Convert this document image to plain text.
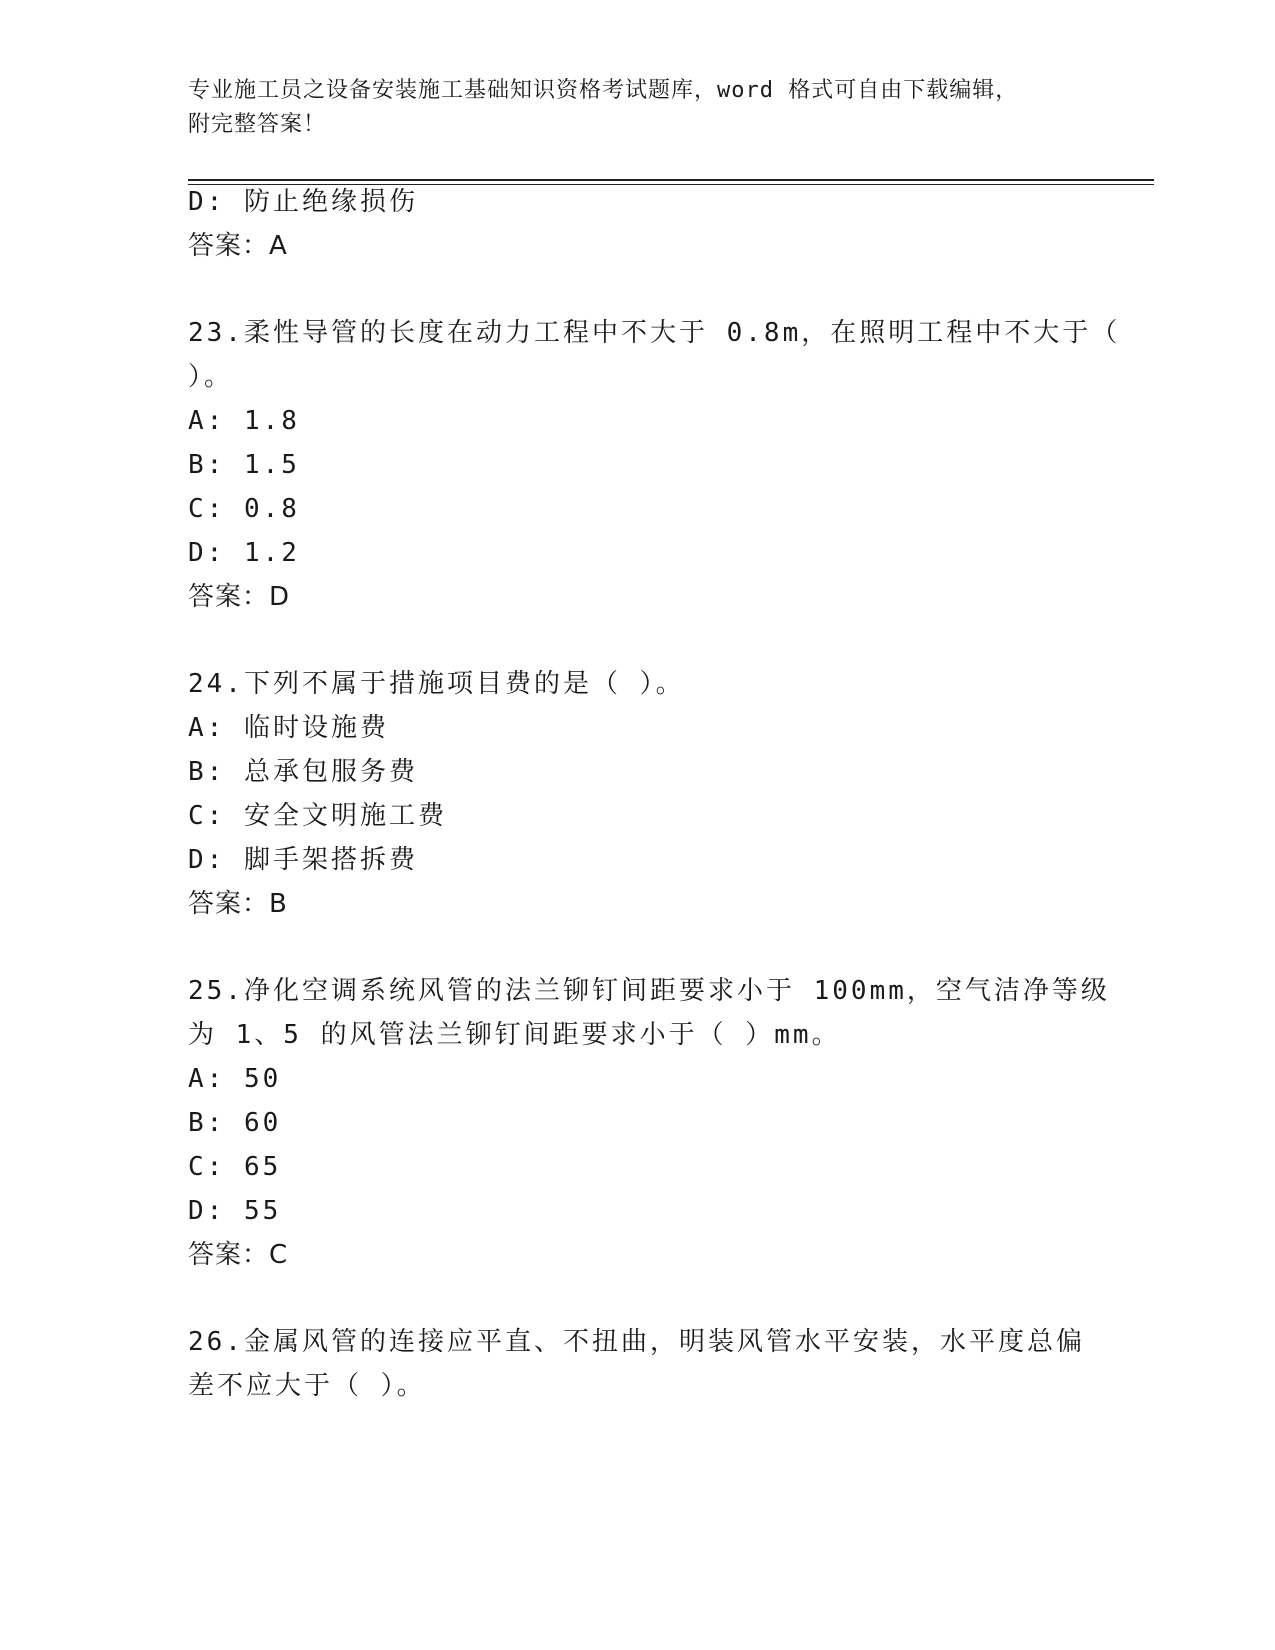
专业施工员之设备安装施工基础知识资格考试题库，word 格式可自由下载编辑，
附完整答案！
D: 防止绝缘损伤
答案：A
23.柔性导管的长度在动力工程中不大于 0.8m，在照明工程中不大于（
）。
A: 1.8
B: 1.5
C: 0.8
D: 1.2
答案：D
24.下列不属于措施项目费的是（ ）。
A: 临时设施费
B: 总承包服务费
C: 安全文明施工费
D: 脚手架搭拆费
答案：B
25.净化空调系统风管的法兰铆钉间距要求小于 100mm，空气洁净等级
为 1、5 的风管法兰铆钉间距要求小于（ ）mm。
A: 50
B: 60
C: 65
D: 55
答案：C
26.金属风管的连接应平直、不扭曲，明装风管水平安装，水平度总偏
差不应大于（ ）。
